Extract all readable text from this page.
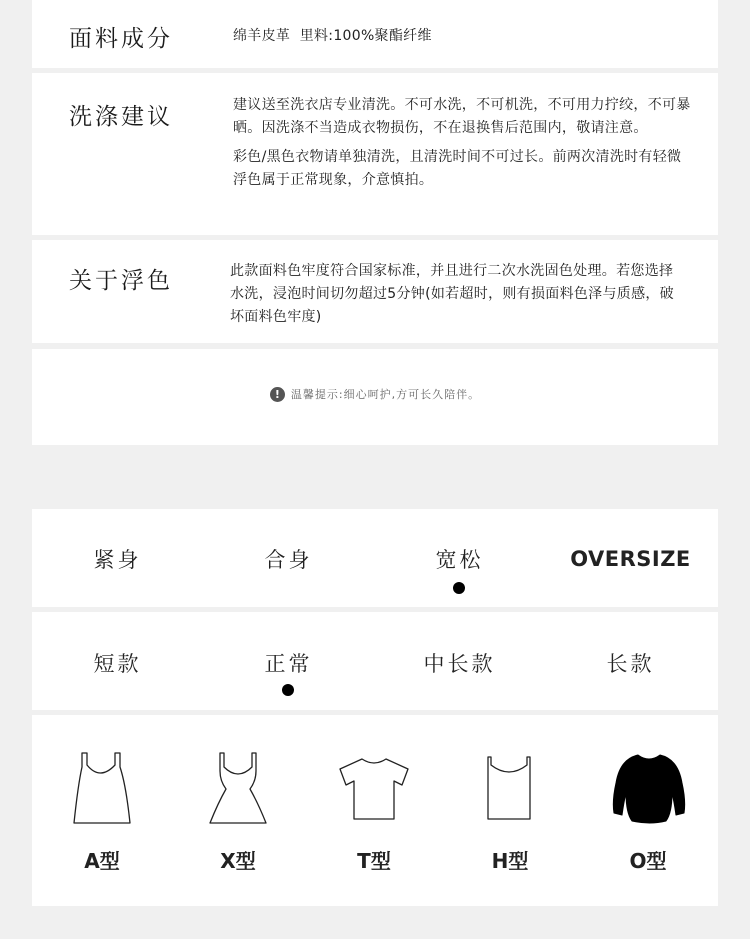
面料成分	绵羊皮革  里料:100%聚酯纤维
洗涤建议	建议送至洗衣店专业清洗。不可水洗，不可机洗，不可用力拧绞，不可暴晒。因洗涤不当造成衣物损伤，不在退换售后范围内，敬请注意。

彩色/黑色衣物请单独清洗，且清洗时间不可过长。前两次清洗时有轻微浮色属于正常现象，介意慎拍。

关于浮色	此款面料色牢度符合国家标准，并且进行二次水洗固色处理。若您选择水洗，浸泡时间切勿超过5分钟(如若超时，则有损面料色泽与质感，破坏面料色牢度)
! 温馨提示:细心呵护,方可长久陪伴。
紧身	合身	宽松	OVERSIZE
短款	正常	中长款	长款
A型	X型	T型	H型	O型
